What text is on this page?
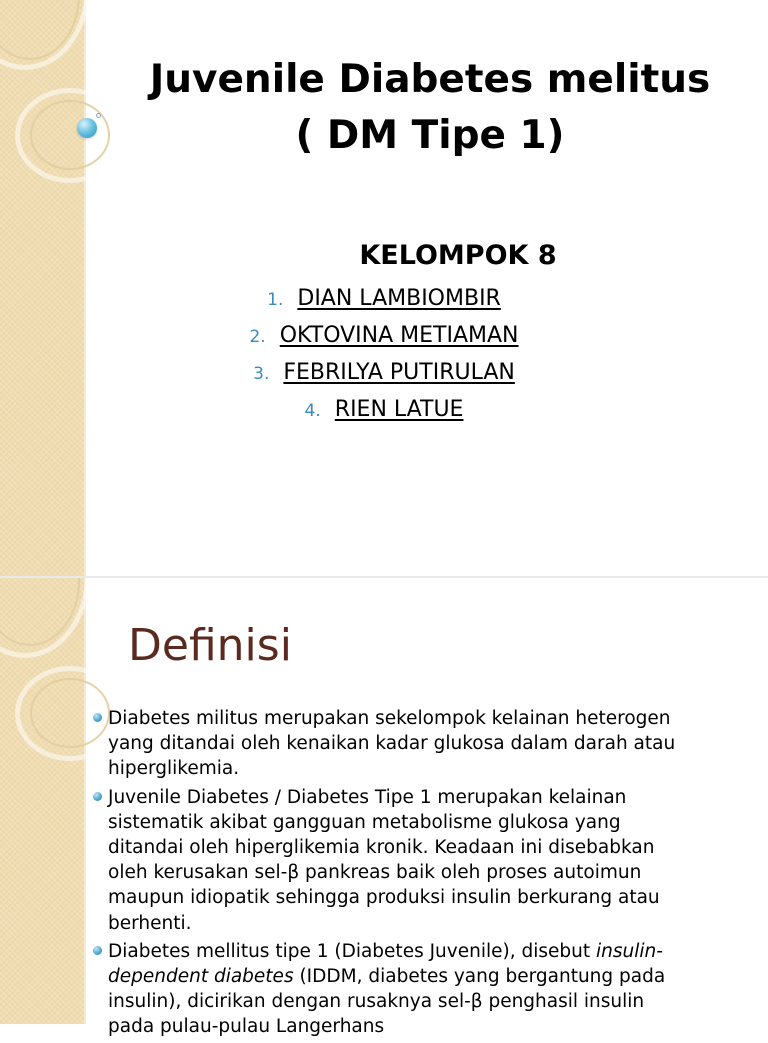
Juvenile Diabetes melitus
( DM Tipe 1)
KELOMPOK 8
1. DIAN LAMBIOMBIR
2. OKTOVINA METIAMAN
3. FEBRILYA PUTIRULAN
4. RIEN LATUE
Definisi
Diabetes militus merupakan sekelompok kelainan heterogen yang ditandai oleh kenaikan kadar glukosa dalam darah atau hiperglikemia.
Juvenile Diabetes / Diabetes Tipe 1 merupakan kelainan sistematik akibat gangguan metabolisme glukosa yang ditandai oleh hiperglikemia kronik. Keadaan ini disebabkan oleh kerusakan sel-β pankreas baik oleh proses autoimun maupun idiopatik sehingga produksi insulin berkurang atau berhenti.
Diabetes mellitus tipe 1 (Diabetes Juvenile), disebut insulin-dependent diabetes (IDDM, diabetes yang bergantung pada insulin), dicirikan dengan rusaknya sel-β penghasil insulin pada pulau-pulau Langerhans
